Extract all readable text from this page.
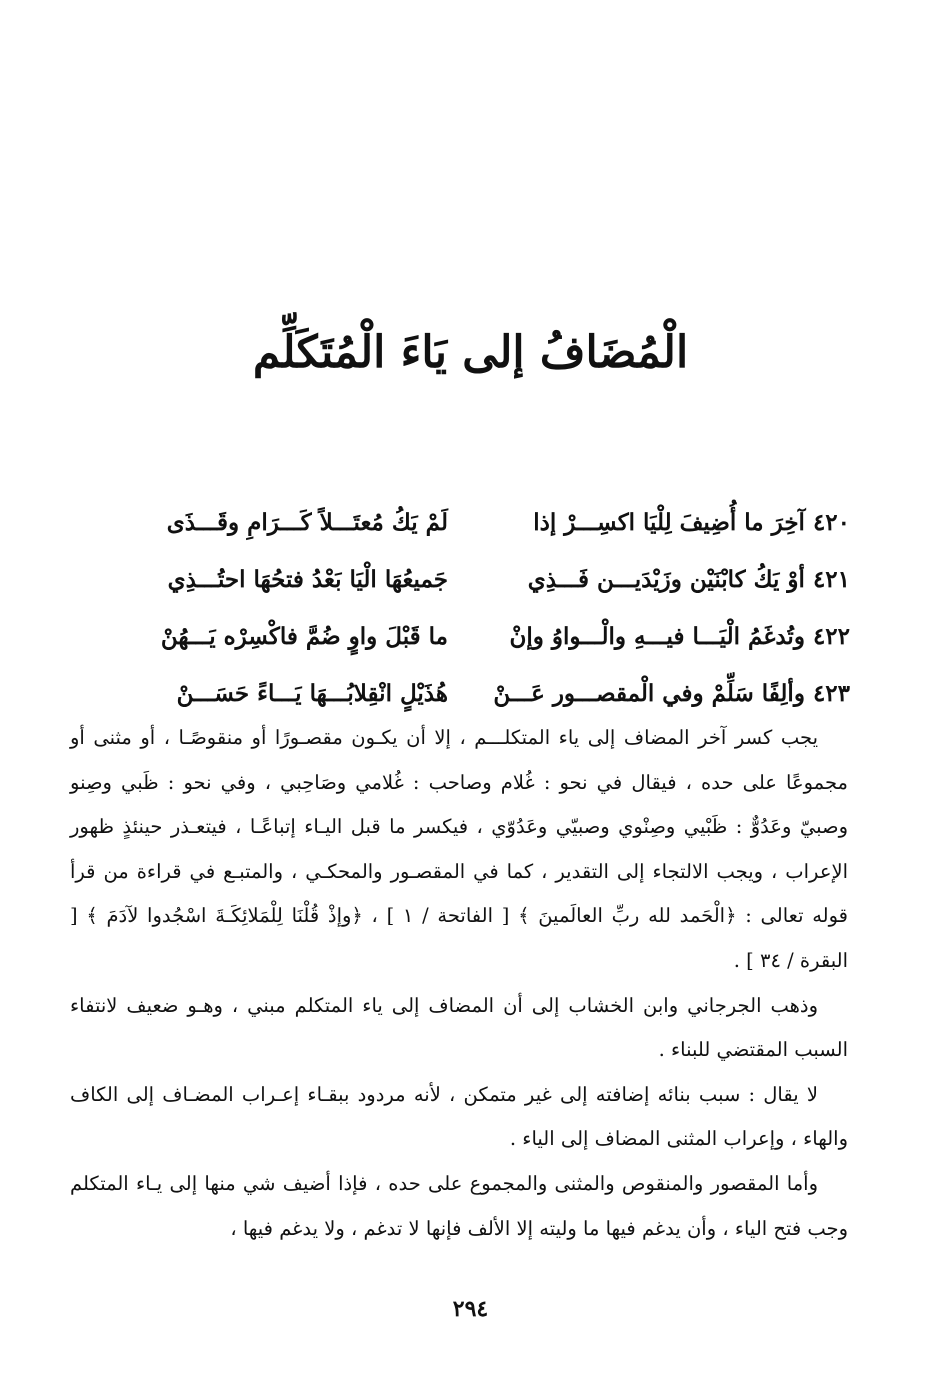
الْمُضَافُ إلى يَاءَ الْمُتَكَلِّم
٤٢٠ آخِرَ ما أُضِيفَ لِلْيَا اكسِـــرْ إذا
لَمْ يَكُ مُعتَـــلاً كَـــرَامِ وقَـــذَى
٤٢١ أوْ يَكُ كابْنَيْن وزَيْدَيـــن فَـــذِي
جَميعُهَا الْيَا بَعْدُ فتحُهَا احتُـــذِي
٤٢٢ وتُدغَمُ الْيَـــا فيـــهِ والْـــواوُ وإنْ
ما قَبْلَ واوٍ ضُمَّ فاكْسِرْه يَـــهُنْ
٤٢٣ وألِفًا سَلِّمْ وفي الْمقصـــور عَـــنْ
هُذَيْلٍ انْقِلابُـــهَا يَـــاءً حَسَـــنْ

يجب كسر آخر المضاف إلى ياء المتكلـــم ، إلا أن يكـون مقصـورًا أو منقوصًـا ، أو مثنى أو مجموعًا على حده ، فيقال في نحو : غُلام وصاحب : غُلامي وصَاحِبي ، وفي نحو : ظَبي وصِنو وصبيّ وعَدُوٌّ : ظَبْيي وصِنْوي وصبيّي وعَدُوّي ، فيكسر ما قبل اليـاء إتباعًـا ، فيتعـذر حينئذٍ ظهور الإعراب ، ويجب الالتجاء إلى التقدير ، كما في المقصـور والمحكـي ، والمتبـع في قراءة من قرأ قوله تعالى : ﴿الْحَمد لله ربِّ العالَمينَ ﴾ [ الفاتحة / ١ ] ، ﴿وإذْ قُلْنَا لِلْمَلائِكَـةَ اسْجُدوا لآدَمَ ﴾ [ البقرة / ٣٤ ] .

وذهب الجرجاني وابن الخشاب إلى أن المضاف إلى ياء المتكلم مبني ، وهـو ضعيف لانتفاء السبب المقتضي للبناء .

لا يقال : سبب بنائه إضافته إلى غير متمكن ، لأنه مردود ببقـاء إعـراب المضـاف إلى الكاف والهاء ، وإعراب المثنى المضاف إلى الياء .

وأما المقصور والمنقوص والمثنى والمجموع على حده ، فإذا أضيف شي منها إلى يـاء المتكلم وجب فتح الياء ، وأن يدغم فيها ما وليته إلا الألف فإنها لا تدغم ، ولا يدغم فيها ،

٢٩٤
